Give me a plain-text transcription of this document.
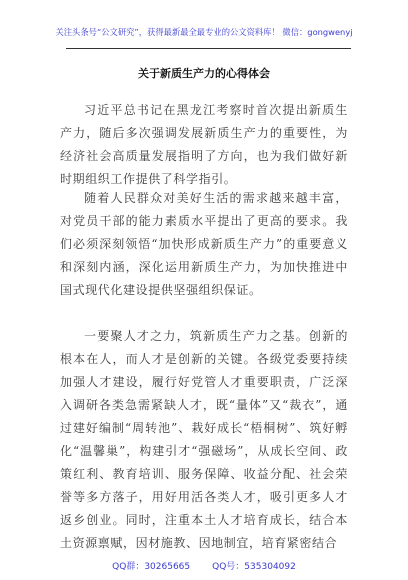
关注头条号“公文研究”，获得最新最全最专业的公文资料库！ 微信：gongwenyj
关于新质生产力的心得体会

习近平总书记在黑龙江考察时首次提出新质生产力，随后多次强调发展新质生产力的重要性，为经济社会高质量发展指明了方向，也为我们做好新时期组织工作提供了科学指引。

随着人民群众对美好生活的需求越来越丰富，对党员干部的能力素质水平提出了更高的要求。我们必须深刻领悟“加快形成新质生产力”的重要意义和深刻内涵，深化运用新质生产力，为加快推进中国式现代化建设提供坚强组织保证。

一要聚人才之力，筑新质生产力之基。创新的根本在人，而人才是创新的关键。各级党委要持续加强人才建设，履行好党管人才重要职责，广泛深入调研各类急需紧缺人才，既“量体”又“裁衣”，通过建好编制“周转池”、栽好成长“梧桐树”、筑好孵化“温馨巢”，构建引才“强磁场”，从成长空间、政策红利、教育培训、服务保障、收益分配、社会荣誉等多方落子，用好用活各类人才，吸引更多人才返乡创业。同时，注重本土人才培育成长，结合本土资源禀赋，因材施教、因地制宜，培育紧密结合

QQ群：30265665 QQ号：535304092
